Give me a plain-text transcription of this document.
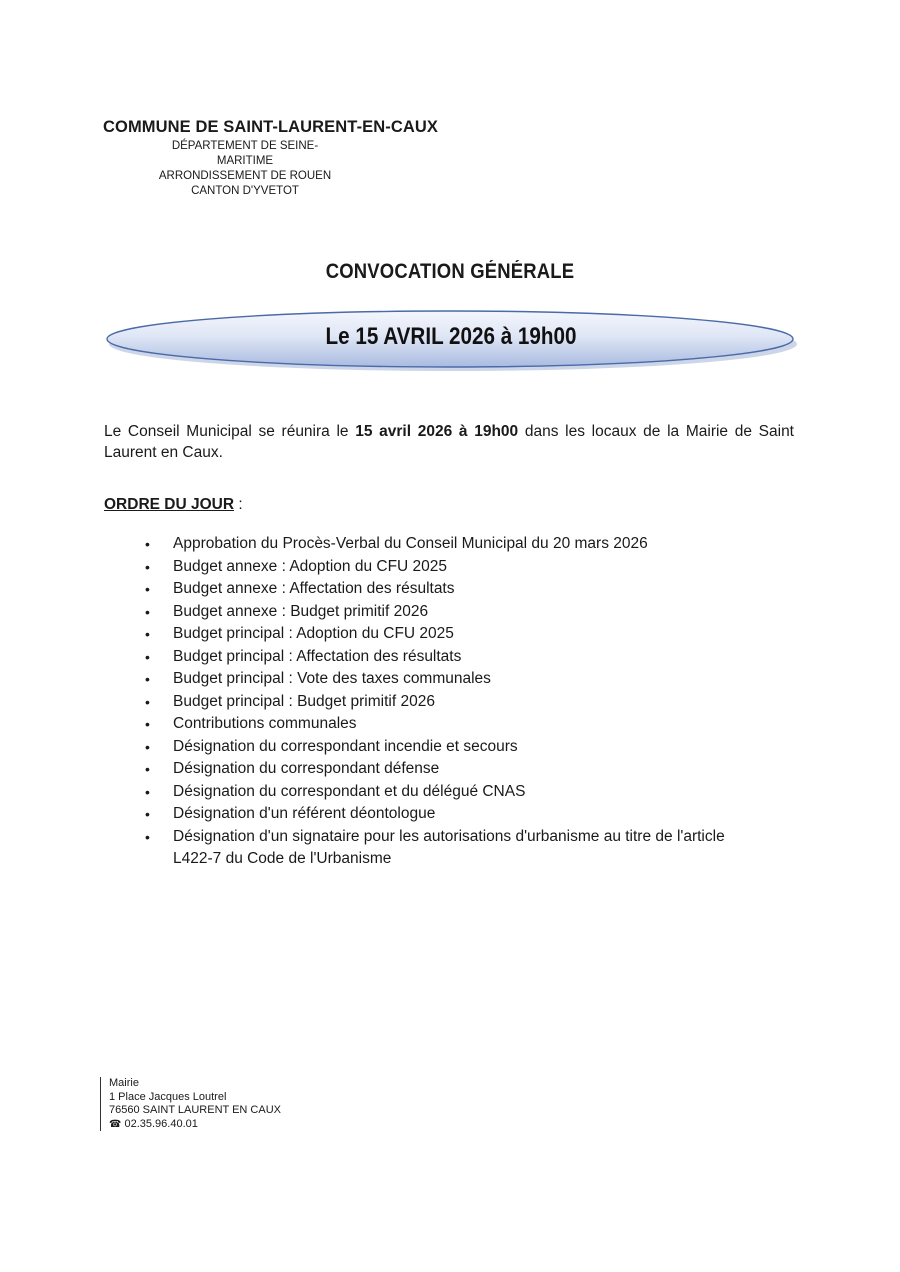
COMMUNE DE SAINT-LAURENT-EN-CAUX
DÉPARTEMENT DE SEINE-MARITIME
ARRONDISSEMENT DE ROUEN
CANTON D'YVETOT
CONVOCATION GÉNÉRALE
Le 15 AVRIL 2026 à 19h00
Le Conseil Municipal se réunira le 15 avril 2026 à 19h00 dans les locaux de la Mairie de Saint Laurent en Caux.
ORDRE DU JOUR :
• Approbation du Procès-Verbal du Conseil Municipal du 20 mars 2026
• Budget annexe : Adoption du CFU 2025
• Budget annexe : Affectation des résultats
• Budget annexe : Budget primitif 2026
• Budget principal : Adoption du CFU 2025
• Budget principal : Affectation des résultats
• Budget principal : Vote des taxes communales
• Budget principal : Budget primitif 2026
• Contributions communales
• Désignation du correspondant incendie et secours
• Désignation du correspondant défense
• Désignation du correspondant et du délégué CNAS
• Désignation d'un référent déontologue
• Désignation d'un signataire pour les autorisations d'urbanisme au titre de l'article L422-7 du Code de l'Urbanisme
Mairie
1 Place Jacques Loutrel
76560 SAINT LAURENT EN CAUX
☎ 02.35.96.40.01
